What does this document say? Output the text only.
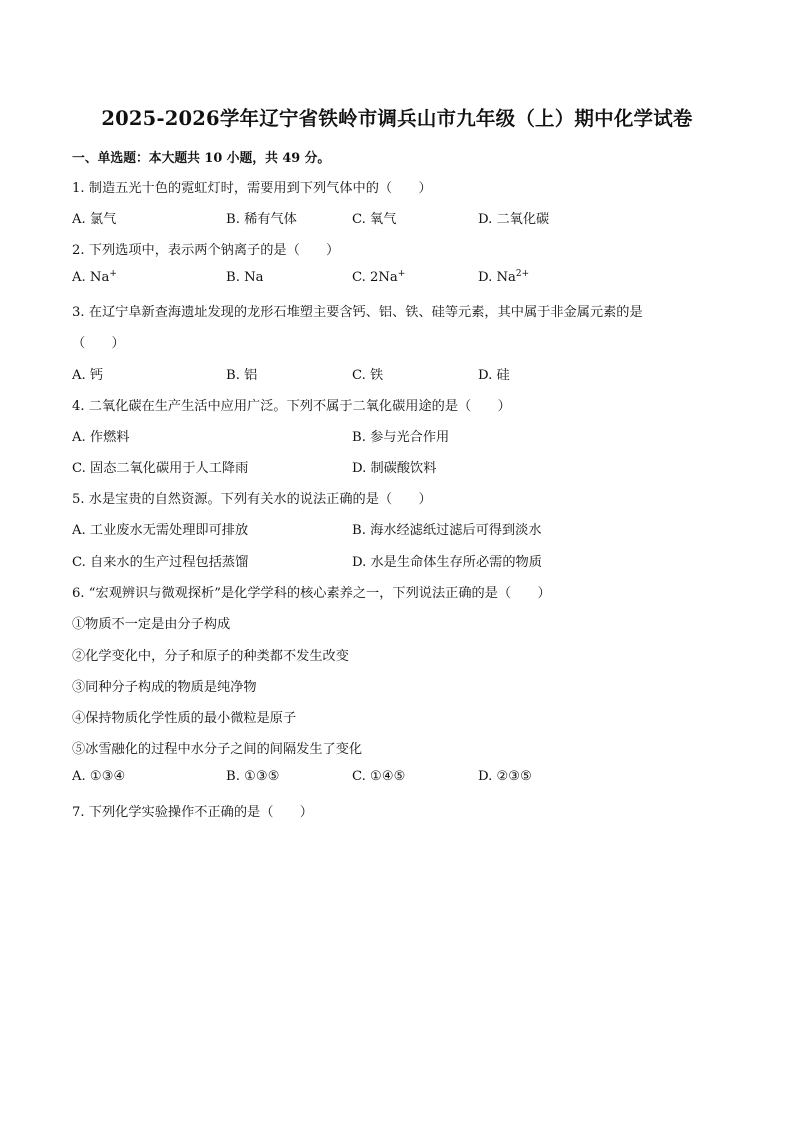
2025-2026学年辽宁省铁岭市调兵山市九年级（上）期中化学试卷
一、单选题：本大题共 10 小题，共 49 分。
1. 制造五光十色的霓虹灯时，需要用到下列气体中的（　　）
A. 氯气	B. 稀有气体	C. 氧气	D. 二氧化碳
2. 下列选项中，表示两个钠离子的是（　　）
A. Na+	B. Na	C. 2Na+	D. $Na^{2+}$
3. 在辽宁阜新查海遗址发现的龙形石堆塑主要含钙、铝、铁、硅等元素，其中属于非金属元素的是
（　　）
A. 钙	B. 铝	C. 铁	D. 硅
4. 二氧化碳在生产生活中应用广泛。下列不属于二氧化碳用途的是（　　）
A. 作燃料	B. 参与光合作用
C. 固态二氧化碳用于人工降雨	D. 制碳酸饮料
5. 水是宝贵的自然资源。下列有关水的说法正确的是（　　）
A. 工业废水无需处理即可排放	B. 海水经滤纸过滤后可得到淡水
C. 自来水的生产过程包括蒸馏	D. 水是生命体生存所必需的物质
6. “宏观辨识与微观探析”是化学学科的核心素养之一，下列说法正确的是（　　）
①物质不一定是由分子构成
②化学变化中，分子和原子的种类都不发生改变
③同种分子构成的物质是纯净物
④保持物质化学性质的最小微粒是原子
⑤冰雪融化的过程中水分子之间的间隔发生了变化
A. ①③④	B. ①③⑤	C. ①④⑤	D. ②③⑤
7. 下列化学实验操作不正确的是（　　）
